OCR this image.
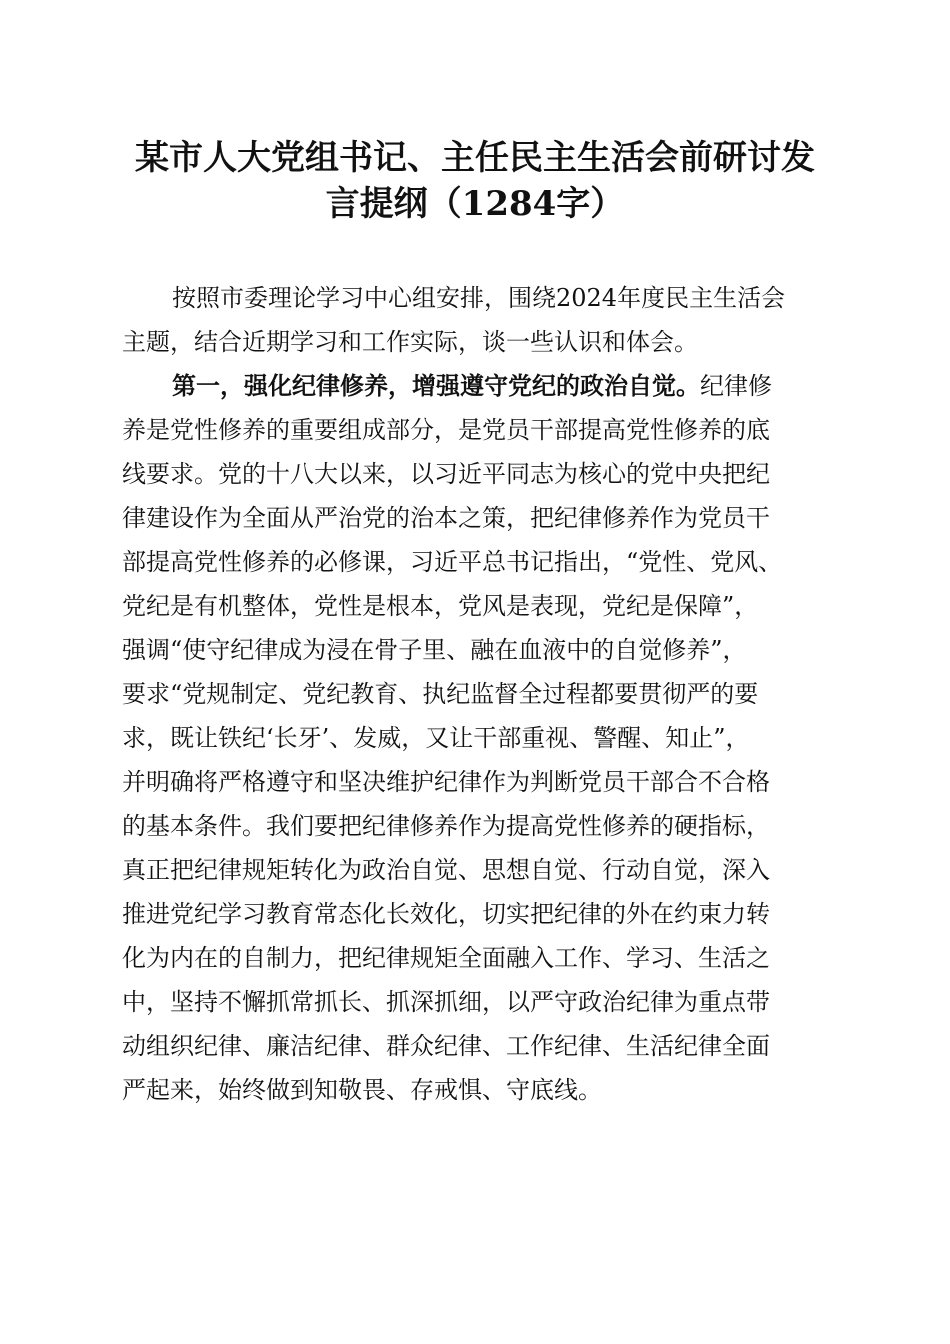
某市人大党组书记、主任民主生活会前研讨发
言提纲（1284字）
按照市委理论学习中心组安排，围绕2024年度民主生活会
主题，结合近期学习和工作实际，谈一些认识和体会。
第一，强化纪律修养，增强遵守党纪的政治自觉。纪律修
养是党性修养的重要组成部分，是党员干部提高党性修养的底
线要求。党的十八大以来，以习近平同志为核心的党中央把纪
律建设作为全面从严治党的治本之策，把纪律修养作为党员干
部提高党性修养的必修课，习近平总书记指出，“党性、党风、
党纪是有机整体，党性是根本，党风是表现，党纪是保障”，
强调“使守纪律成为浸在骨子里、融在血液中的自觉修养”，
要求“党规制定、党纪教育、执纪监督全过程都要贯彻严的要
求，既让铁纪‘长牙’、发威，又让干部重视、警醒、知止”，
并明确将严格遵守和坚决维护纪律作为判断党员干部合不合格
的基本条件。我们要把纪律修养作为提高党性修养的硬指标，
真正把纪律规矩转化为政治自觉、思想自觉、行动自觉，深入
推进党纪学习教育常态化长效化，切实把纪律的外在约束力转
化为内在的自制力，把纪律规矩全面融入工作、学习、生活之
中，坚持不懈抓常抓长、抓深抓细，以严守政治纪律为重点带
动组织纪律、廉洁纪律、群众纪律、工作纪律、生活纪律全面
严起来，始终做到知敬畏、存戒惧、守底线。
